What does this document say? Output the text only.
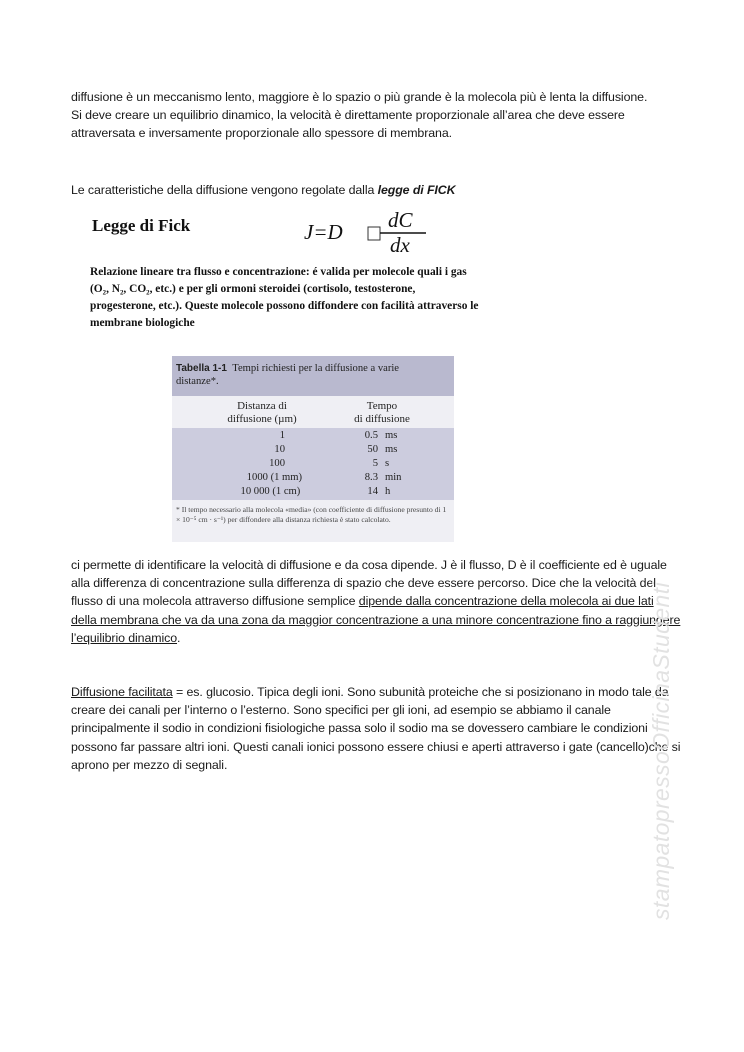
diffusione è un meccanismo lento, maggiore è lo spazio o più grande è la molecola più è lenta la diffusione.
Si deve creare un equilibrio dinamico, la velocità è direttamente proporzionale all’area che deve essere
attraversata e inversamente proporzionale allo spessore di membrana.
Le caratteristiche della diffusione vengono regolate dalla legge di FICK
Legge di Fick	J=D dC
dx
Relazione lineare tra flusso e concentrazione: é valida per molecole quali i gas
(O₂, N₂, CO₂, etc.) e per gli ormoni steroidei (cortisolo, testosterone,
progesterone, etc.). Queste molecole possono diffondere con facilità attraverso le
membrane biologiche
Tabella 1-1 Tempi richiesti per la diffusione a varie
distanze*.
Distanza di
diffusione (µm)
Tempo
di diffusione
1	0.5 ms
10	50 ms
100	5 s
1000 (1 mm)	8.3 min
10 000 (1 cm)	14 h
* Il tempo necessario alla molecola «media» (con coefficiente di diffusione presunto di 1 × 10⁻⁵ cm · s⁻¹) per diffondere alla distanza richiesta è stato calcolato.
ci permette di identificare la velocità di diffusione e da cosa dipende. J è il flusso, D è il coefficiente ed è uguale alla differenza di concentrazione sulla differenza di spazio che deve essere percorso. Dice che la velocità del flusso di una molecola attraverso diffusione semplice dipende dalla concentrazione della molecola ai due lati della membrana che va da una zona da maggior concentrazione a una minore concentrazione fino a raggiungere l’equilibrio dinamico.
Diffusione facilitata = es. glucosio. Tipica degli ioni. Sono subunità proteiche che si posizionano in modo tale da creare dei canali per l’interno o l’esterno. Sono specifici per gli ioni, ad esempio se abbiamo il canale principalmente il sodio in condizioni fisiologiche passa solo il sodio ma se dovessero cambiare le condizioni possono far passare altri ioni. Questi canali ionici possono essere chiusi e aperti attraverso i gate (cancello)che si aprono per mezzo di segnali.	stampatopressoOfficinaStudenti
